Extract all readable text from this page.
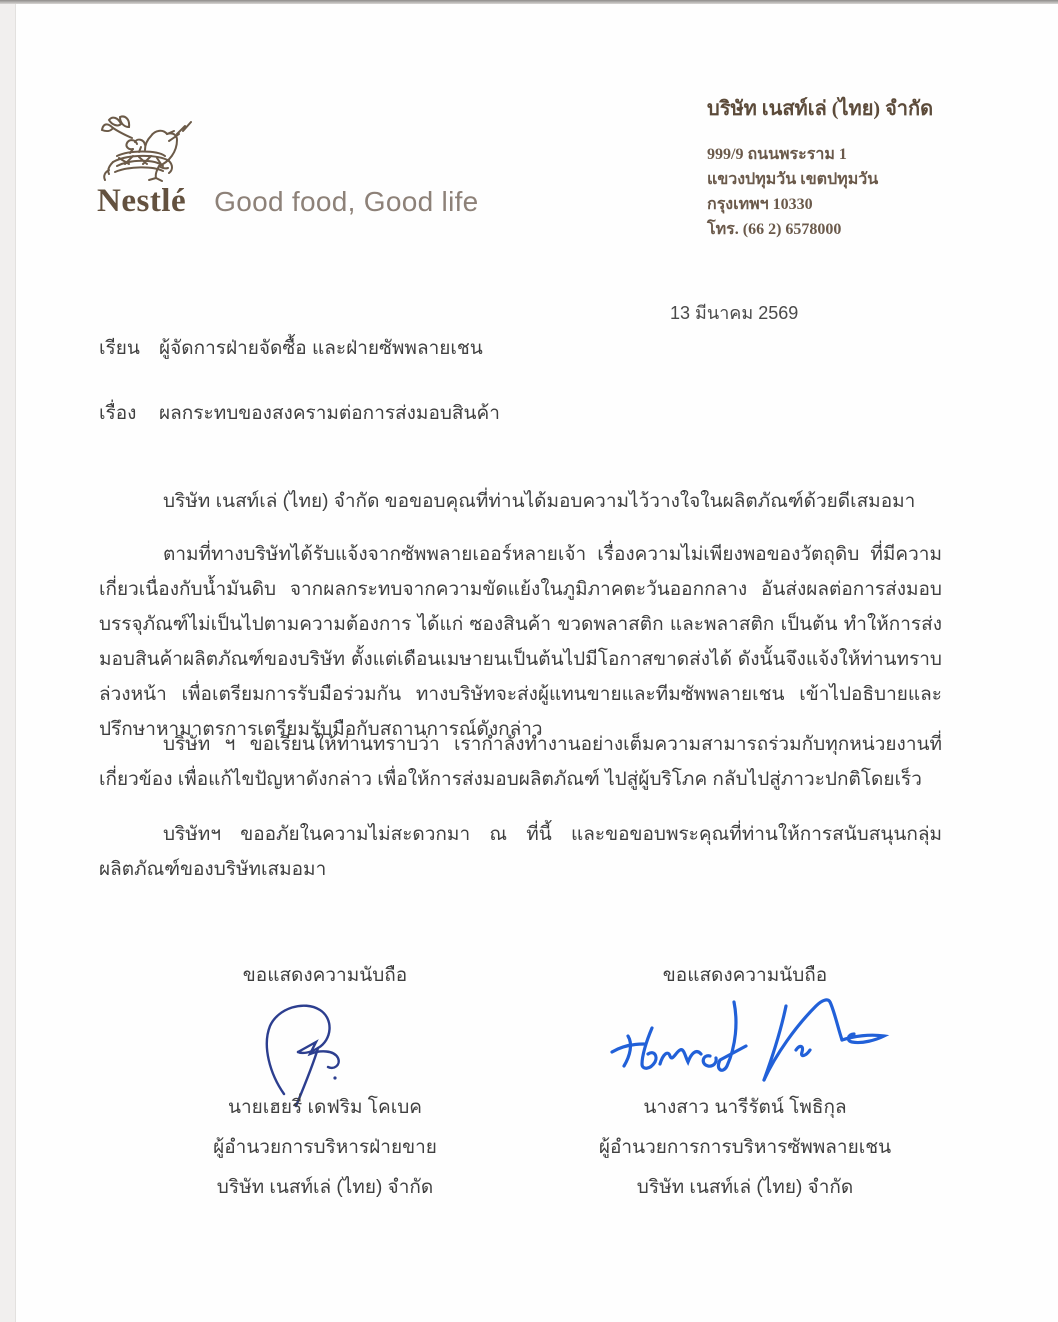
Nestlé Good food, Good life

บริษัท เนสท์เล่ (ไทย) จำกัด

999/9 ถนนพระราม 1

แขวงปทุมวัน เขตปทุมวัน

กรุงเทพฯ 10330

โทร. (66 2) 6578000

13 มีนาคม 2569
เรียน	ผู้จัดการฝ่ายจัดซื้อ และฝ่ายซัพพลายเชน
เรื่อง	ผลกระทบของสงครามต่อการส่งมอบสินค้า

บริษัท เนสท์เล่ (ไทย) จำกัด ขอขอบคุณที่ท่านได้มอบความไว้วางใจในผลิตภัณฑ์ด้วยดีเสมอมา

ตามที่ทางบริษัทได้รับแจ้งจากซัพพลายเออร์หลายเจ้า เรื่องความไม่เพียงพอของวัตถุดิบ ที่มีความเกี่ยวเนื่องกับน้ำมันดิบ จากผลกระทบจากความขัดแย้งในภูมิภาคตะวันออกกลาง อันส่งผลต่อการส่งมอบบรรจุภัณฑ์ไม่เป็นไปตามความต้องการ ได้แก่ ซองสินค้า ขวดพลาสติก และพลาสติก เป็นต้น ทำให้การส่งมอบสินค้าผลิตภัณฑ์ของบริษัท ตั้งแต่เดือนเมษายนเป็นต้นไปมีโอกาสขาดส่งได้ ดังนั้นจึงแจ้งให้ท่านทราบล่วงหน้า เพื่อเตรียมการรับมือร่วมกัน ทางบริษัทจะส่งผู้แทนขายและทีมซัพพลายเชน เข้าไปอธิบายและปรึกษาหามาตรการเตรียมรับมือกับสถานการณ์ดังกล่าว

บริษัท ฯ ขอเรียนให้ท่านทราบว่า เรากำลังทำงานอย่างเต็มความสามารถร่วมกับทุกหน่วยงานที่เกี่ยวข้อง เพื่อแก้ไขปัญหาดังกล่าว เพื่อให้การส่งมอบผลิตภัณฑ์ ไปสู่ผู้บริโภค กลับไปสู่ภาวะปกติโดยเร็ว

บริษัทฯ ขออภัยในความไม่สะดวกมา ณ ที่นี้ และขอขอบพระคุณที่ท่านให้การสนับสนุนกลุ่มผลิตภัณฑ์ของบริษัทเสมอมา

ขอแสดงความนับถือ	ขอแสดงความนับถือ
นายเฮยรี่ เดฟริม โคเบค
ผู้อำนวยการบริหารฝ่ายขาย
บริษัท เนสท์เล่ (ไทย) จำกัด
นางสาว นารีรัตน์ โพธิกุล
ผู้อำนวยการการบริหารซัพพลายเชน
บริษัท เนสท์เล่ (ไทย) จำกัด
